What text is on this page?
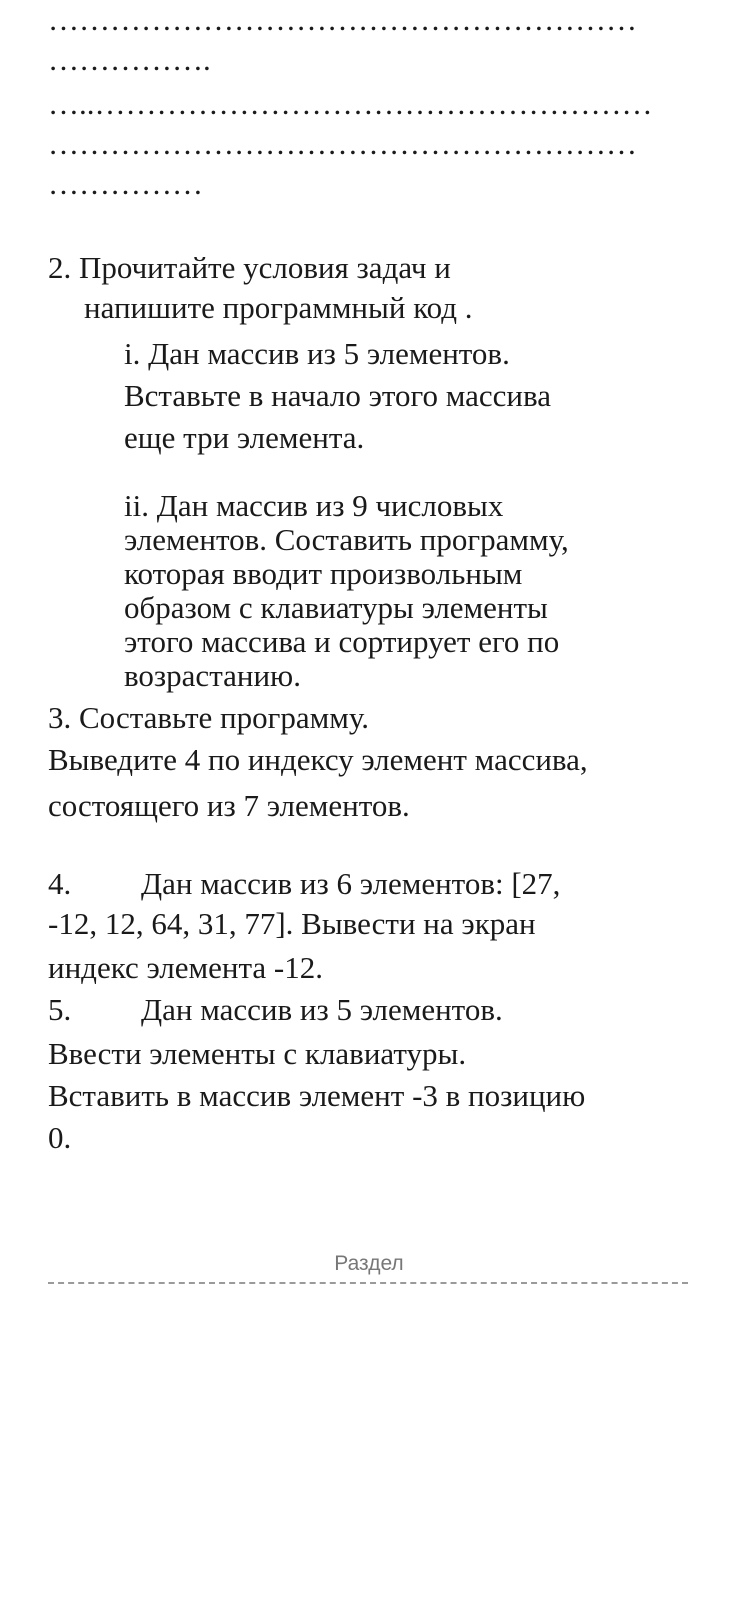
…………………………………………………
…………….
…..………………………………………………
…………………………………………………
……………
2. Прочитайте условия задач и
напишите программный код .
i. Дан массив из 5 элементов.
Вставьте в начало этого массива
еще три элемента.
ii. Дан массив из 9 числовых
элементов. Составить программу,
которая вводит произвольным
образом с клавиатуры элементы
этого массива и сортирует его по
возрастанию.
3. Составьте программу.
Выведите 4 по индексу элемент массива,
состоящего из 7 элементов.
4.         Дан массив из 6 элементов: [27,
-12, 12, 64, 31, 77]. Вывести на экран
индекс элемента -12.
5.         Дан массив из 5 элементов.
Ввести элементы с клавиатуры.
Вставить в массив элемент -3 в позицию
0.
Раздел
